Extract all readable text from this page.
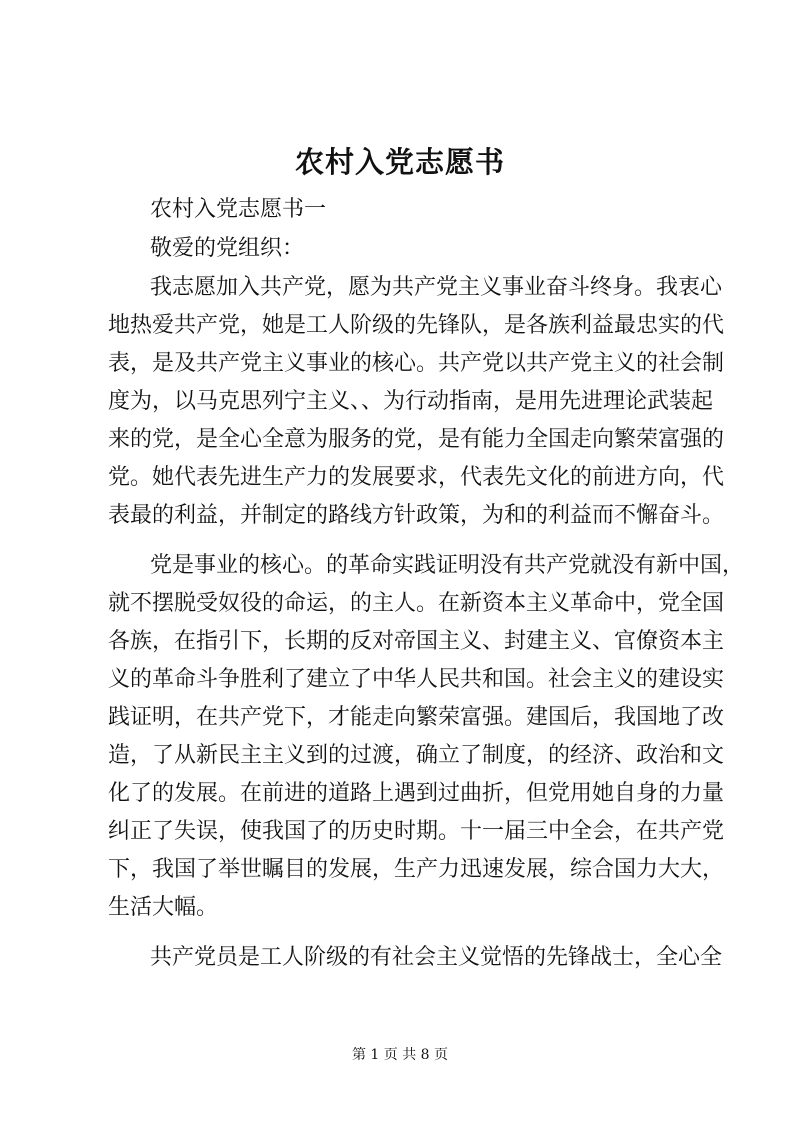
农村入党志愿书
农村入党志愿书一
敬爱的党组织：
我志愿加入共产党，愿为共产党主义事业奋斗终身。我衷心
地热爱共产党，她是工人阶级的先锋队，是各族利益最忠实的代
表，是及共产党主义事业的核心。共产党以共产党主义的社会制
度为，以马克思列宁主义、、为行动指南，是用先进理论武装起
来的党，是全心全意为服务的党，是有能力全国走向繁荣富强的
党。她代表先进生产力的发展要求，代表先文化的前进方向，代
表最的利益，并制定的路线方针政策，为和的利益而不懈奋斗。
党是事业的核心。的革命实践证明没有共产党就没有新中国，
就不摆脱受奴役的命运，的主人。在新资本主义革命中，党全国
各族，在指引下，长期的反对帝国主义、封建主义、官僚资本主
义的革命斗争胜利了建立了中华人民共和国。社会主义的建设实
践证明，在共产党下，才能走向繁荣富强。建国后，我国地了改
造，了从新民主主义到的过渡，确立了制度，的经济、政治和文
化了的发展。在前进的道路上遇到过曲折，但党用她自身的力量
纠正了失误，使我国了的历史时期。十一届三中全会，在共产党
下，我国了举世瞩目的发展，生产力迅速发展，综合国力大大，
生活大幅。
共产党员是工人阶级的有社会主义觉悟的先锋战士，全心全
第 1 页 共 8 页
